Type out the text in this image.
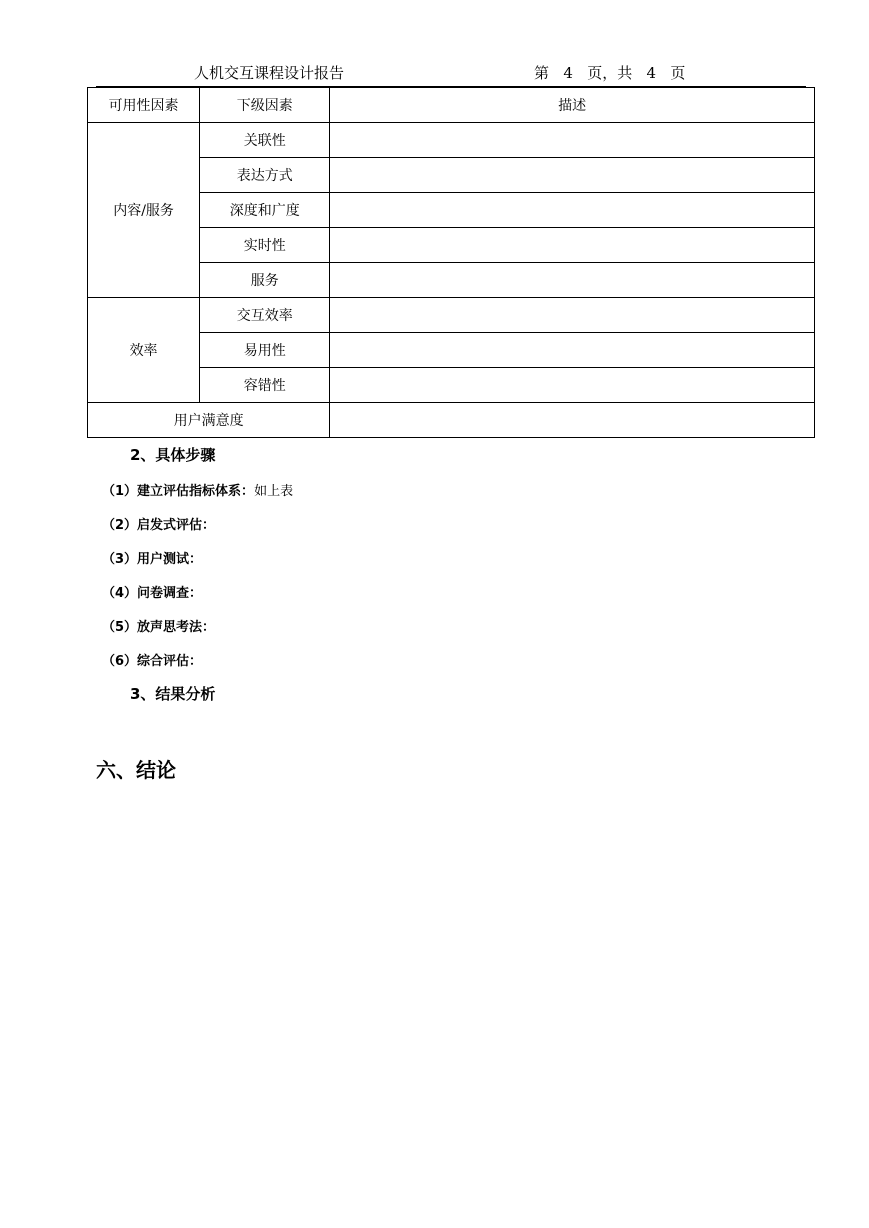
人机交互课程设计报告	第 4 页，共 4 页
可用性因素	下级因素	描述
内容/服务	关联性	
	表达方式	
	深度和广度	
	实时性	
	服务	
效率	交互效率	
	易用性	
	容错性	
用户满意度		
2、具体步骤
（1）建立评估指标体系：如上表
（2）启发式评估：
（3）用户测试：
（4）问卷调查：
（5）放声思考法：
（6）综合评估：
3、结果分析
六、结论
